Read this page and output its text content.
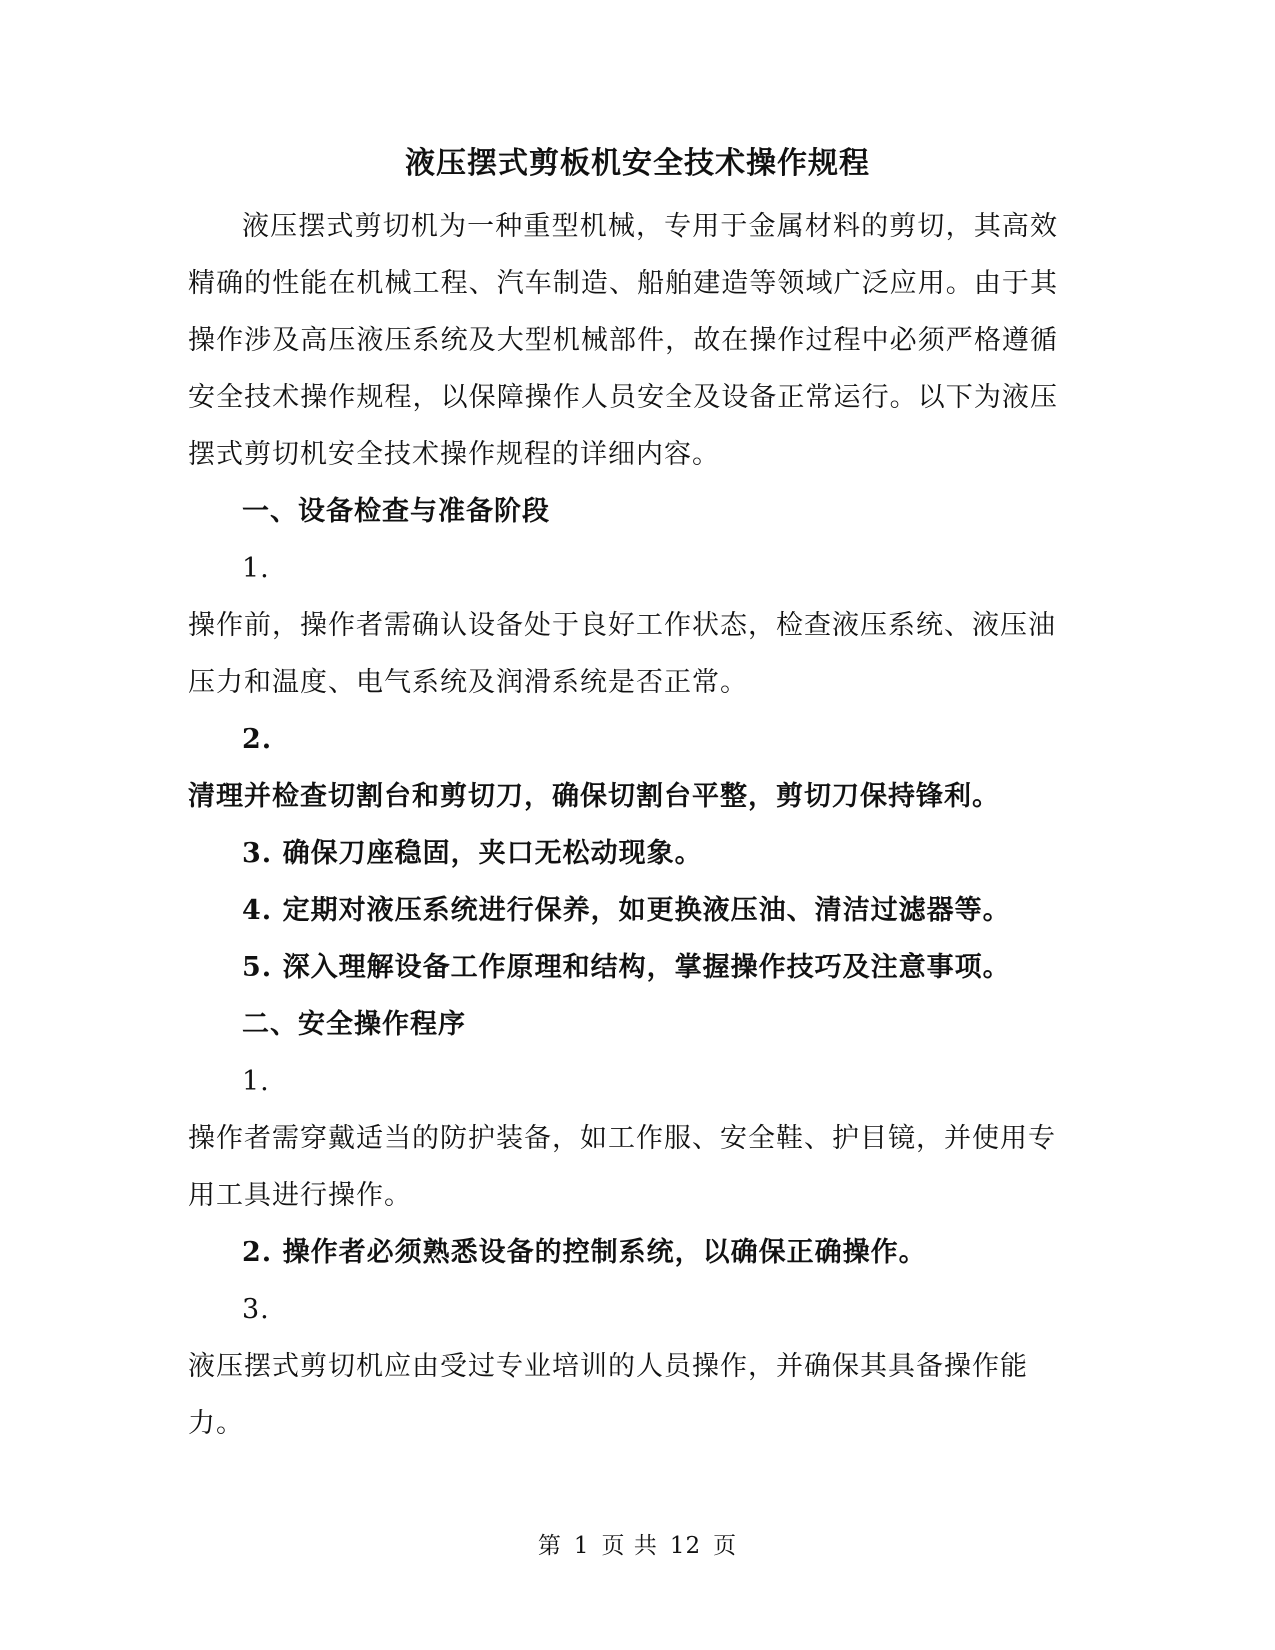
液压摆式剪板机安全技术操作规程

液压摆式剪切机为一种重型机械，专用于金属材料的剪切，其高效精确的性能在机械工程、汽车制造、船舶建造等领域广泛应用。由于其操作涉及高压液压系统及大型机械部件，故在操作过程中必须严格遵循安全技术操作规程，以保障操作人员安全及设备正常运行。以下为液压摆式剪切机安全技术操作规程的详细内容。

一、设备检查与准备阶段

1.

操作前，操作者需确认设备处于良好工作状态，检查液压系统、液压油压力和温度、电气系统及润滑系统是否正常。

2.

清理并检查切割台和剪切刀，确保切割台平整，剪切刀保持锋利。

3. 确保刀座稳固，夹口无松动现象。

4. 定期对液压系统进行保养，如更换液压油、清洁过滤器等。

5. 深入理解设备工作原理和结构，掌握操作技巧及注意事项。

二、安全操作程序

1.

操作者需穿戴适当的防护装备，如工作服、安全鞋、护目镜，并使用专用工具进行操作。

2. 操作者必须熟悉设备的控制系统，以确保正确操作。

3.

液压摆式剪切机应由受过专业培训的人员操作，并确保其具备操作能力。

第 1 页 共 12 页
